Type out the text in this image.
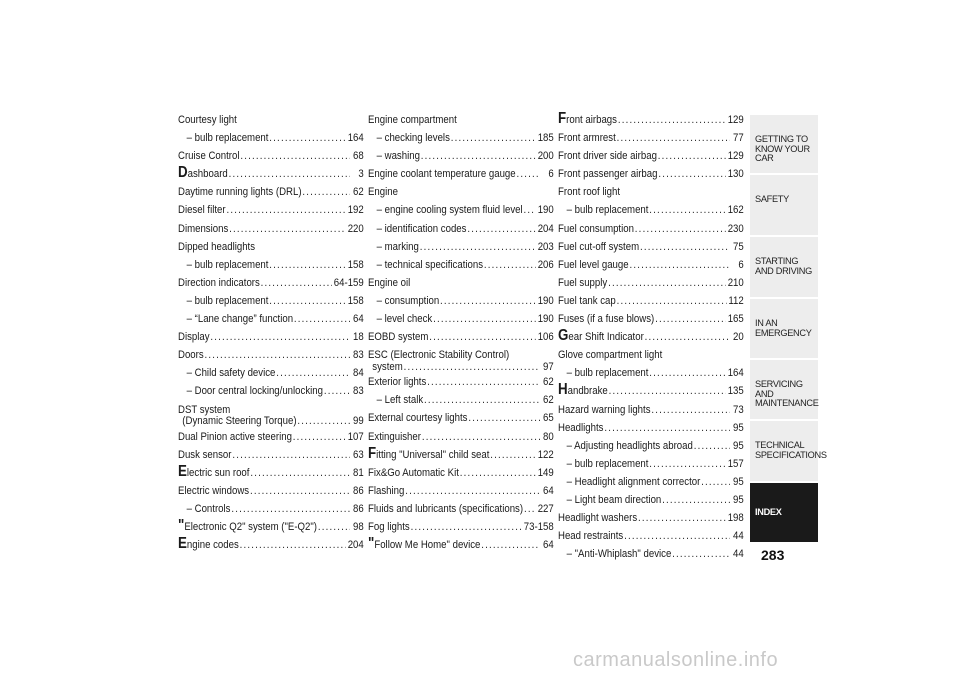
Courtesy light
– bulb replacement .....	164
Cruise Control .....	68
Dashboard .....	3
Daytime running lights (DRL) .....	62
Diesel filter .....	192
Dimensions .....	220
Dipped headlights
– bulb replacement .....	158
Direction indicators .....	64-159
– bulb replacement .....	158
– “Lane change” function .....	64
Display .....	18
Doors .....	83
– Child safety device .....	84
– Door central locking/unlocking .....	83
DST system
(Dynamic Steering Torque) .....	99
Dual Pinion active steering .....	107
Dusk sensor .....	63
Electric sun roof .....	81
Electric windows .....	86
– Controls .....	86
"Electronic Q2" system ("E-Q2") .....	98
Engine codes .....	204
Engine compartment
– checking levels .....	185
– washing .....	200
Engine coolant temperature gauge .....	6
Engine
– engine cooling system fluid level ..... 190
– identification codes .....	204
– marking .....	203
– technical specifications .....	206
Engine oil
– consumption .....	190
– level check .....	190
EOBD system .....	106
ESC (Electronic Stability Control)
system .....	97
Exterior lights .....	62
– Left stalk .....	62
External courtesy lights .....	65
Extinguisher .....	80
Fitting "Universal" child seat .....	122
Fix&Go Automatic Kit .....	149
Flashing .....	64
Fluids and lubricants (specifications) ..... 227
Fog lights .....	73-158
"Follow Me Home" device .....	64
Front airbags .....	129
Front armrest .....	77
Front driver side airbag .....	129
Front passenger airbag .....	130
Front roof light
– bulb replacement .....	162
Fuel consumption .....	230
Fuel cut-off system .....	75
Fuel level gauge .....	6
Fuel supply .....	210
Fuel tank cap .....	112
Fuses (if a fuse blows) .....	165
Gear Shift Indicator .....	20
Glove compartment light
– bulb replacement .....	164
Handbrake .....	135
Hazard warning lights .....	73
Headlights .....	95
– Adjusting headlights abroad .....	95
– bulb replacement .....	157
– Headlight alignment corrector .....	95
– Light beam direction .....	95
Headlight washers .....	198
Head restraints .....	44
– "Anti-Whiplash" device .....	44
GETTING TO KNOW YOUR CAR
SAFETY
STARTING AND DRIVING
IN AN EMERGENCY
SERVICING AND MAINTENANCE
TECHNICAL SPECIFICATIONS
INDEX
283
carmanualsonline.info
